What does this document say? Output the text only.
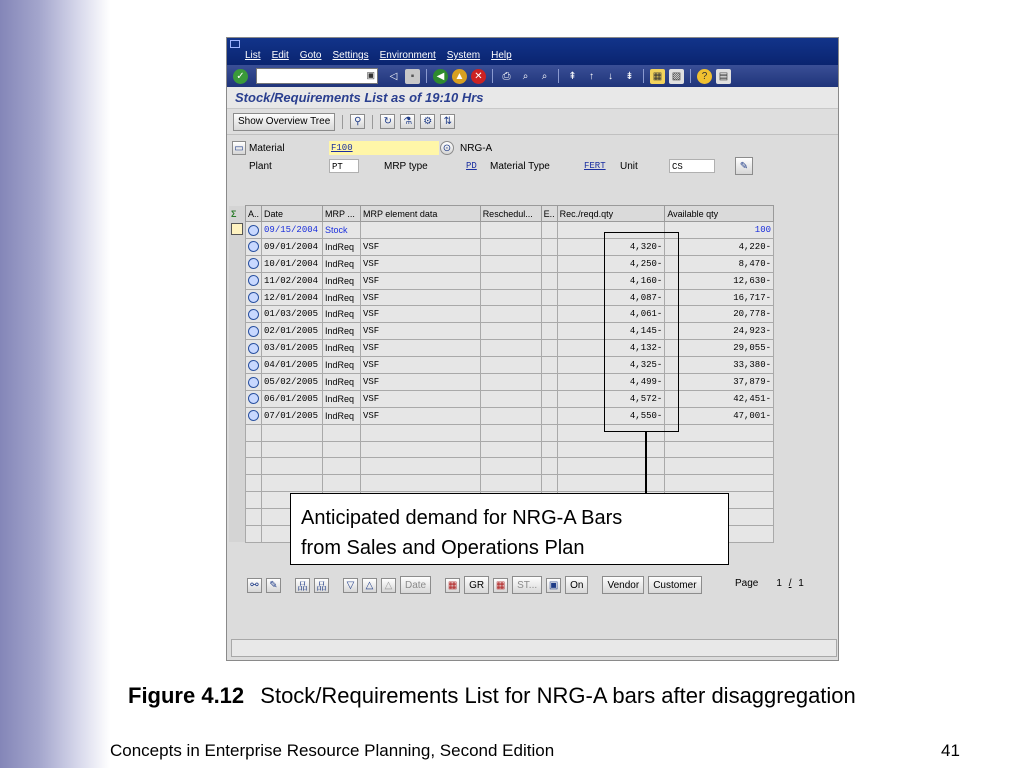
List Edit Goto Settings Environment System Help
✓	▣	◁	▪	◀	▲ ✕	⎙	⌕	⌕	⇞	↑	↓	⇟	▦ ▧	?	▤
Stock/Requirements List as of 19:10 Hrs
Show Overview Tree	⚲	↻	⚗	⚙	⇅
▭ Material	F100	⊙ NRG-A
Plant	PT	MRP type	PD	Material Type	FERT	Unit	CS	✎
Σ	A..	Date	MRP ...	MRP element data	Reschedul...	E..	Rec./reqd.qty	Available qty
		09/15/2004	Stock					100
		09/01/2004	IndReq	VSF			4,320-	4,220-
		10/01/2004	IndReq	VSF			4,250-	8,470-
		11/02/2004	IndReq	VSF			4,160-	12,630-
		12/01/2004	IndReq	VSF			4,087-	16,717-
		01/03/2005	IndReq	VSF			4,061-	20,778-
		02/01/2005	IndReq	VSF			4,145-	24,923-
		03/01/2005	IndReq	VSF			4,132-	29,055-
		04/01/2005	IndReq	VSF			4,325-	33,380-
		05/02/2005	IndReq	VSF			4,499-	37,879-
		06/01/2005	IndReq	VSF			4,572-	42,451-
		07/01/2005	IndReq	VSF			4,550-	47,001-

⚯	✎	品 品	▽	△	△	Date	▦	GR	▦	ST...	▣	On	Vendor	Customer	Page 1 / 1
Anticipated demand for NRG-A Bars
from Sales and Operations Plan
Figure 4.12 Stock/Requirements List for NRG-A bars after disaggregation
Concepts in Enterprise Resource Planning, Second Edition	41
